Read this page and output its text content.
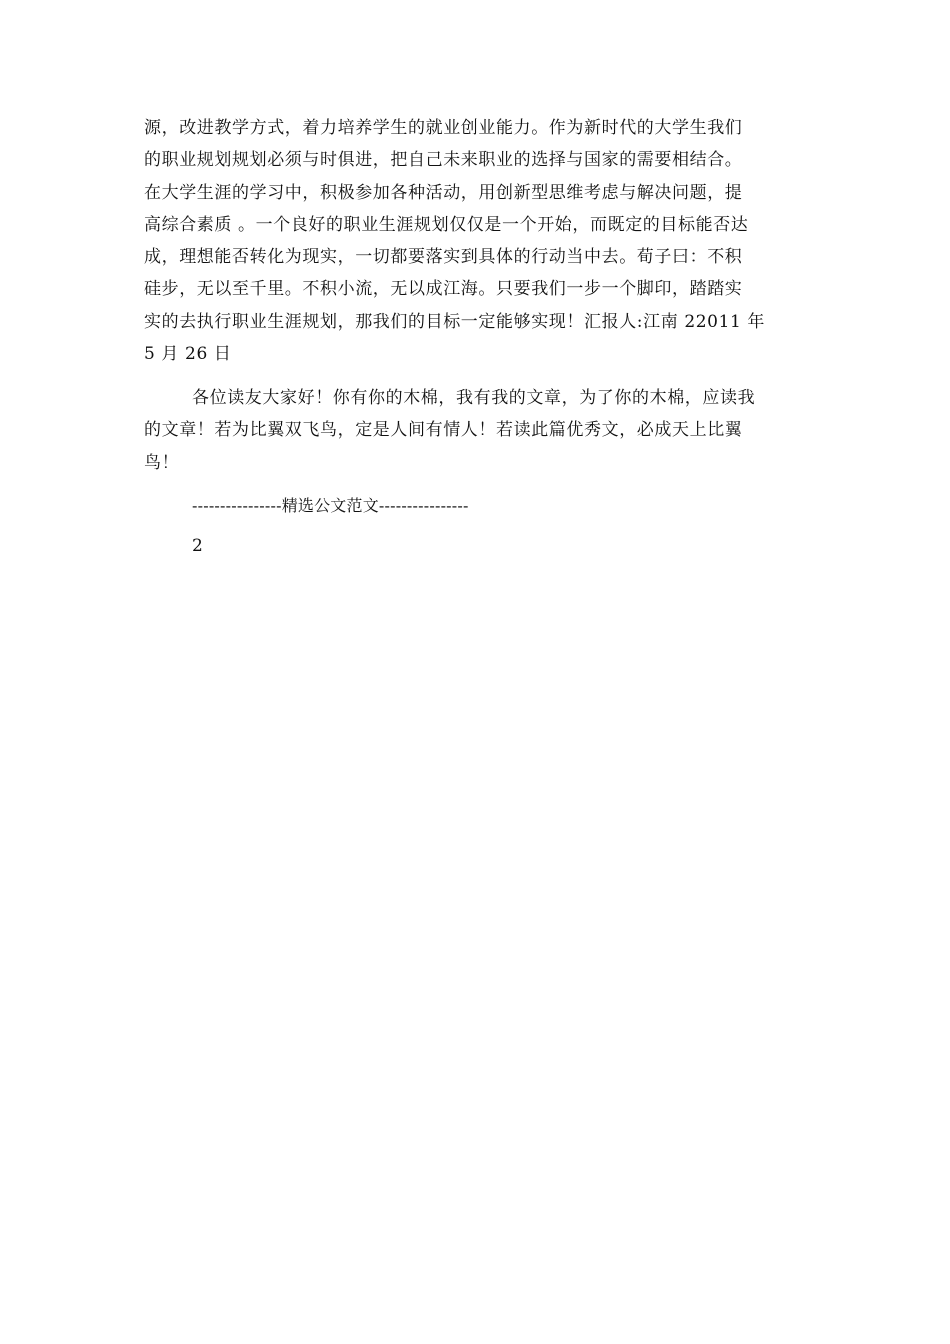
源，改进教学方式，着力培养学生的就业创业能力。作为新时代的大学生我们
的职业规划规划必须与时俱进，把自己未来职业的选择与国家的需要相结合。
在大学生涯的学习中，积极参加各种活动，用创新型思维考虑与解决问题，提
高综合素质 。一个良好的职业生涯规划仅仅是一个开始，而既定的目标能否达
成，理想能否转化为现实，一切都要落实到具体的行动当中去。荀子曰：不积
硅步，无以至千里。不积小流，无以成江海。只要我们一步一个脚印，踏踏实
实的去执行职业生涯规划，那我们的目标一定能够实现！汇报人:江南 22011 年
5 月 26 日
各位读友大家好！你有你的木棉，我有我的文章，为了你的木棉，应读我
的文章！若为比翼双飞鸟，定是人间有情人！若读此篇优秀文，必成天上比翼
鸟！
----------------精选公文范文----------------
2
